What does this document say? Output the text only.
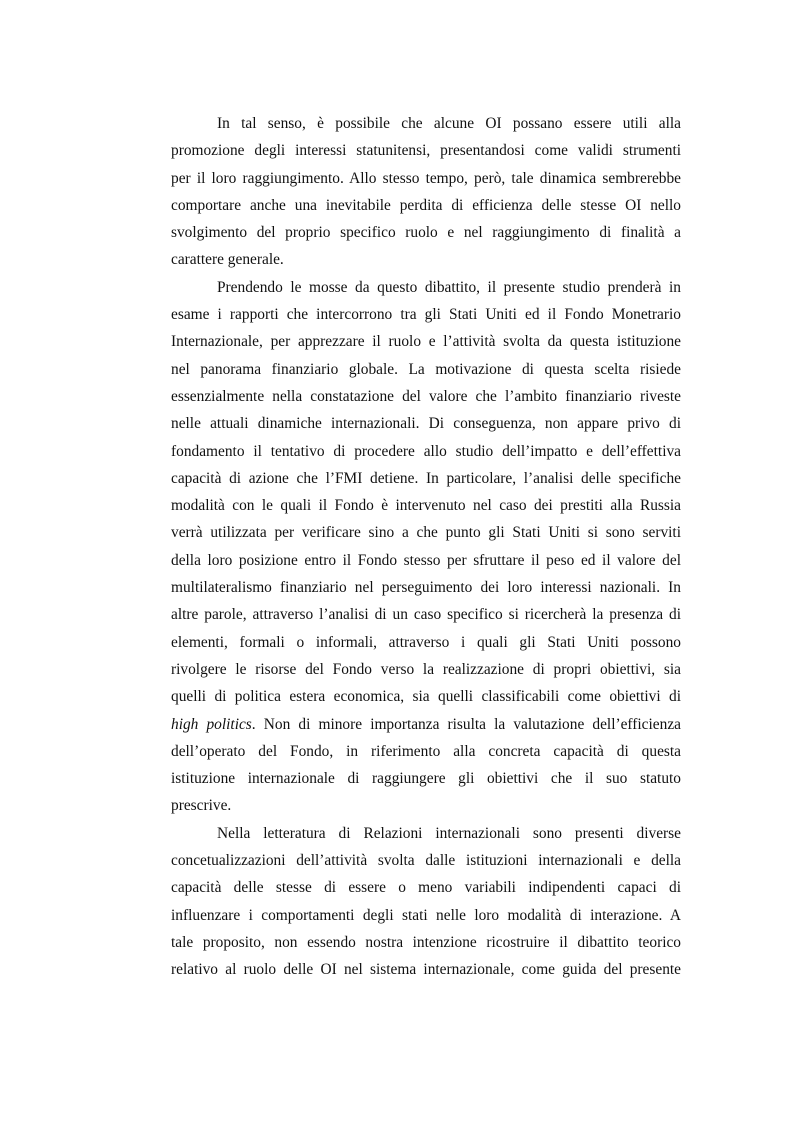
In tal senso, è possibile che alcune OI possano essere utili alla
promozione degli interessi statunitensi, presentandosi come validi strumenti
per il loro raggiungimento. Allo stesso tempo, però, tale dinamica sembrerebbe
comportare anche una inevitabile perdita di efficienza delle stesse OI nello
svolgimento del proprio specifico ruolo e nel raggiungimento di finalità a
carattere generale.
Prendendo le mosse da questo dibattito, il presente studio prenderà in
esame i rapporti che intercorrono tra gli Stati Uniti ed il Fondo Monetrario
Internazionale, per apprezzare il ruolo e l’attività svolta da questa istituzione
nel panorama finanziario globale. La motivazione di questa scelta risiede
essenzialmente nella constatazione del valore che l’ambito finanziario riveste
nelle attuali dinamiche internazionali. Di conseguenza, non appare privo di
fondamento il tentativo di procedere allo studio dell’impatto e dell’effettiva
capacità di azione che l’FMI detiene. In particolare, l’analisi delle specifiche
modalità con le quali il Fondo è intervenuto nel caso dei prestiti alla Russia
verrà utilizzata per verificare sino a che punto gli Stati Uniti si sono serviti
della loro posizione entro il Fondo stesso per sfruttare il peso ed il valore del
multilateralismo finanziario nel perseguimento dei loro interessi nazionali. In
altre parole, attraverso l’analisi di un caso specifico si ricercherà la presenza di
elementi, formali o informali, attraverso i quali gli Stati Uniti possono
rivolgere le risorse del Fondo verso la realizzazione di propri obiettivi, sia
quelli di politica estera economica, sia quelli classificabili come obiettivi di
high politics. Non di minore importanza risulta la valutazione dell’efficienza
dell’operato del Fondo, in riferimento alla concreta capacità di questa
istituzione internazionale di raggiungere gli obiettivi che il suo statuto
prescrive.
Nella letteratura di Relazioni internazionali sono presenti diverse
concetualizzazioni dell’attività svolta dalle istituzioni internazionali e della
capacità delle stesse di essere o meno variabili indipendenti capaci di
influenzare i comportamenti degli stati nelle loro modalità di interazione. A
tale proposito, non essendo nostra intenzione ricostruire il dibattito teorico
relativo al ruolo delle OI nel sistema internazionale, come guida del presente
